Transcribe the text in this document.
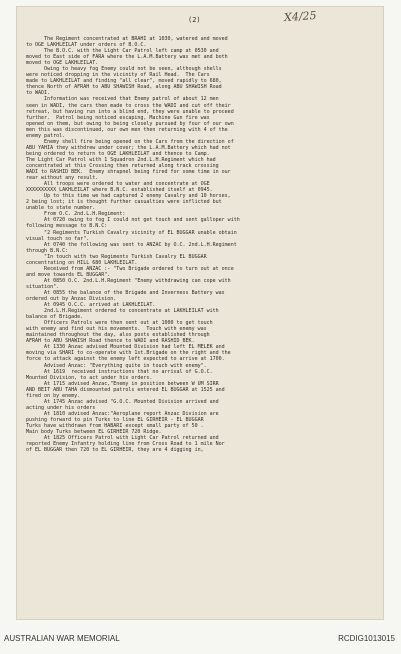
(2)	X4/25
The Regiment concentrated at BRAHI at 1030, watered and moved
to OGE LAKHLEILAT under orders of B.O.C.
The B.O.C. with the Light Car Patrol left camp at 0530 and
moved to East side of FARA where the L.A.M.Battery was met and both
moved to OGE LAKHLEILAT.
Owing to heavy fog Enemy could not be seen, although shells
were noticed dropping in the vicinity of Rail Head.  The Cars
made to LAKHLEILAT and finding "all clear", moved rapidly to 680,
thence North of AFRAH to ABU SHAWISH Road, along ABU SHAWISH Road
to WADI.
Information was received that Enemy patrol of about 12 men
seen in WADI, the cars then made to cross the WADI and cut off their
retreat, but having run into a blind end, they were unable to proceed
further.  Patrol being noticed escaping, Machine Gun fire was
opened on them, but owing to being closely pursued by four of our own
men this was discontinued, our own men then returning with 4 of the
enemy patrol.
Enemy shell fire being opened on the Cars from the direction of
ABU YAHIA they withdrew under cover; the L.A.M.Battery which had not
being ordered to return to OGE LAKHLEILAT and thence to Camp.
The Light Car Patrol with 1 Squadron 2nd.L.H.Regiment which had
concentrated at this Crossing then returned along track crossing
WADI to RASHID BEK.  Enemy shrapnel being fired for some time in our
rear without any result.
All troops were ordered to water and concentrate at OGE
XXXXXXXXXX LAKHLEILAT where B.N.C. established itself at 0945.
Up to this time we had captured 2 enemy Cavalry and 10 horses,
2 being lost; it is thought further casualties were inflicted but
unable to state number.
From O.C. 2nd.L.H.Regiment:
At 0720 owing to fog I could not get touch and sent galloper with
following message to B.N.C:
"2 Regiments Turkish Cavalry vicinity of EL BUGGAR unable obtain
visual touch so far".
At 0740 the following was sent to ANZAC by O.C. 2nd.L.H.Regiment
through B.N.C:
"In touch with two Regiments Turkish Cavalry EL BUGGAR
concentrating on HILL 680 LAKHLEILAT.
Received from ANZAC :- "Two Brigade ordered to turn out at once
and move towards EL BUGGAR".
At 0850 O.C. 2nd.L.H.Regiment "Enemy withdrawing can cope with
situation".
At 0855 the balance of the Brigade and Inverness Battery was
ordered out by Anzac Division.
At 0945 O.C.C. arrived at LAKHLEILAT.
2nd.L.H.Regiment ordered to concentrate at LAKHLEILAT with
balance of Brigade.
Officers Patrols were then sent out at 1000 to get touch
with enemy and find out his movements.  Touch with enemy was
maintained throughout the day, also posts established through
AFRAH to ABU SHAWISH Road thence to WADI and RASHID BEK.
At 1330 Anzac advised Mounted Division had left EL MELEK and
moving via SHARI to co-operate with 1st.Brigade on the right and the
force to attack against the enemy left expected to arrive at 1700.
Advised Anzac: "Everything quite in touch with enemy".
At 1619  received instructions that no arrival of G.O.C.
Mounted Division, to act under his orders.
At 1715 advised Anzac,"Enemy in position between W UM SIRR
AND BEIT ABU TAHA dismounted patrols entered EL BUGGAR at 1525 and
fired on by enemy.
At 1745 Anzac advised "G.O.C. Mounted Division arrived and
acting under his orders
At 1810 advised Anzac:"Aeroplane report Anzac Division are
pushing forward to pin Turks to line EL GIRHEIR - EL BUGGAR
Turks have withdrawn from HABARI except small party of 50 .
Main body Turks between EL GIRHEIR 720 Ridge.
At 1825 Officers Patrol with Light Car Patrol returned and
reported Enemy Infantry holding line from Cross Road to 1 mile Nor
of EL BUGGAR then 720 to EL GIRHEIR, they are 4 digging in,
AUSTRALIAN WAR MEMORIAL	RCDIG1013015
